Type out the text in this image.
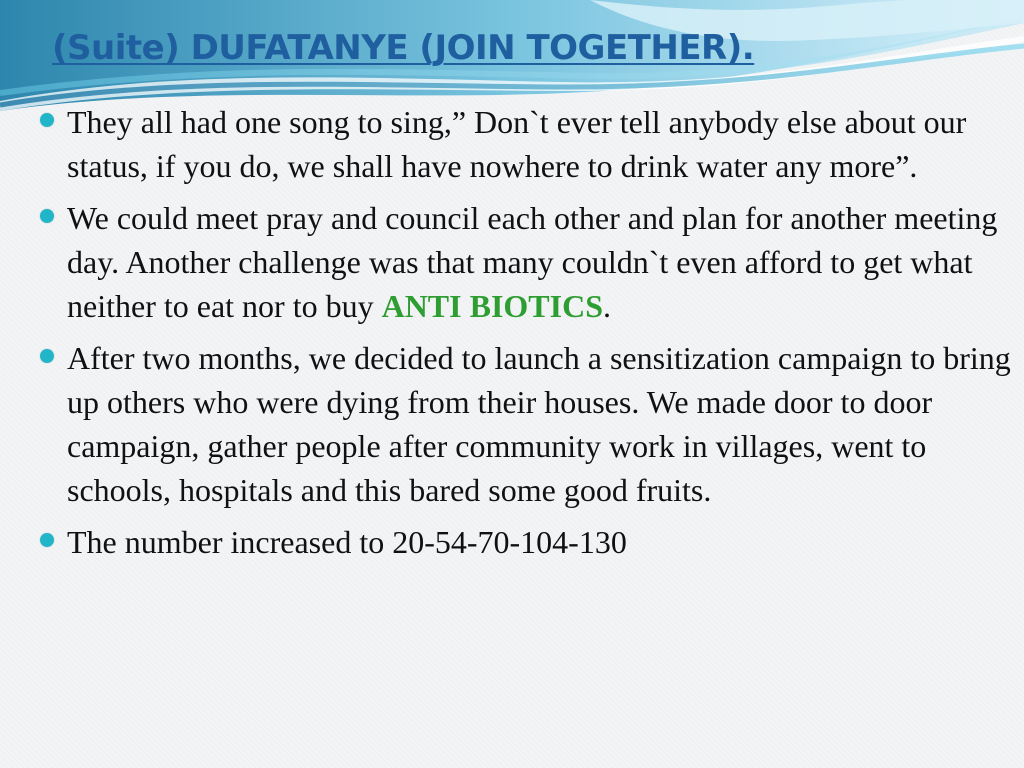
(Suite) DUFATANYE (JOIN TOGETHER).
They all had one song to sing,” Don`t ever tell anybody else about our status, if you do, we shall have nowhere to drink water any more”.
We could meet pray and council each other and plan for another meeting day. Another challenge was that many couldn`t even afford to get what neither to eat nor to buy ANTI BIOTICS.
After two months, we decided to launch a sensitization campaign to bring up others who were dying from their houses. We made door to door campaign, gather people after community work in villages, went to schools, hospitals and this bared some good fruits.
The number increased to 20-54-70-104-130
